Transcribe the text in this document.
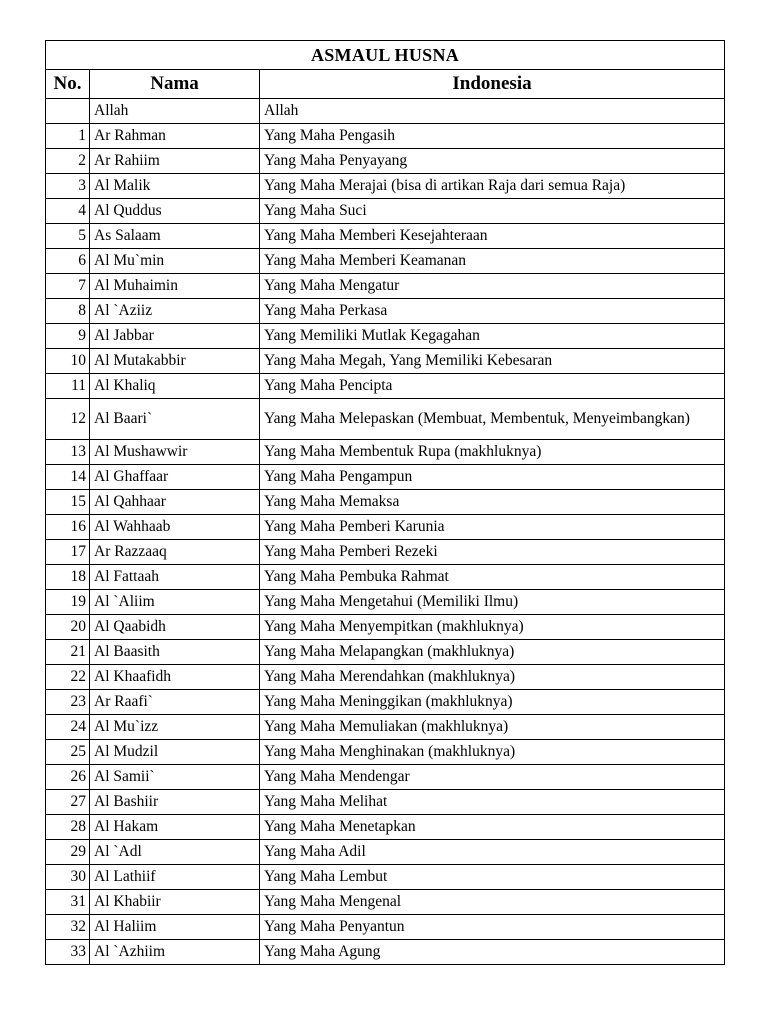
ASMAUL HUSNA		
No.	Nama	Indonesia
	Allah	Allah
1	Ar Rahman	Yang Maha Pengasih
2	Ar Rahiim	Yang Maha Penyayang
3	Al Malik	Yang Maha Merajai (bisa di artikan Raja dari semua Raja)
4	Al Quddus	Yang Maha Suci
5	As Salaam	Yang Maha Memberi Kesejahteraan
6	Al Mu`min	Yang Maha Memberi Keamanan
7	Al Muhaimin	Yang Maha Mengatur
8	Al `Aziiz	Yang Maha Perkasa
9	Al Jabbar	Yang Memiliki Mutlak Kegagahan
10	Al Mutakabbir	Yang Maha Megah, Yang Memiliki Kebesaran
11	Al Khaliq	Yang Maha Pencipta
12	Al Baari`	Yang Maha Melepaskan (Membuat, Membentuk, Menyeimbangkan)
13	Al Mushawwir	Yang Maha Membentuk Rupa (makhluknya)
14	Al Ghaffaar	Yang Maha Pengampun
15	Al Qahhaar	Yang Maha Memaksa
16	Al Wahhaab	Yang Maha Pemberi Karunia
17	Ar Razzaaq	Yang Maha Pemberi Rezeki
18	Al Fattaah	Yang Maha Pembuka Rahmat
19	Al `Aliim	Yang Maha Mengetahui (Memiliki Ilmu)
20	Al Qaabidh	Yang Maha Menyempitkan (makhluknya)
21	Al Baasith	Yang Maha Melapangkan (makhluknya)
22	Al Khaafidh	Yang Maha Merendahkan (makhluknya)
23	Ar Raafi`	Yang Maha Meninggikan (makhluknya)
24	Al Mu`izz	Yang Maha Memuliakan (makhluknya)
25	Al Mudzil	Yang Maha Menghinakan (makhluknya)
26	Al Samii`	Yang Maha Mendengar
27	Al Bashiir	Yang Maha Melihat
28	Al Hakam	Yang Maha Menetapkan
29	Al `Adl	Yang Maha Adil
30	Al Lathiif	Yang Maha Lembut
31	Al Khabiir	Yang Maha Mengenal
32	Al Haliim	Yang Maha Penyantun
33	Al `Azhiim	Yang Maha Agung
